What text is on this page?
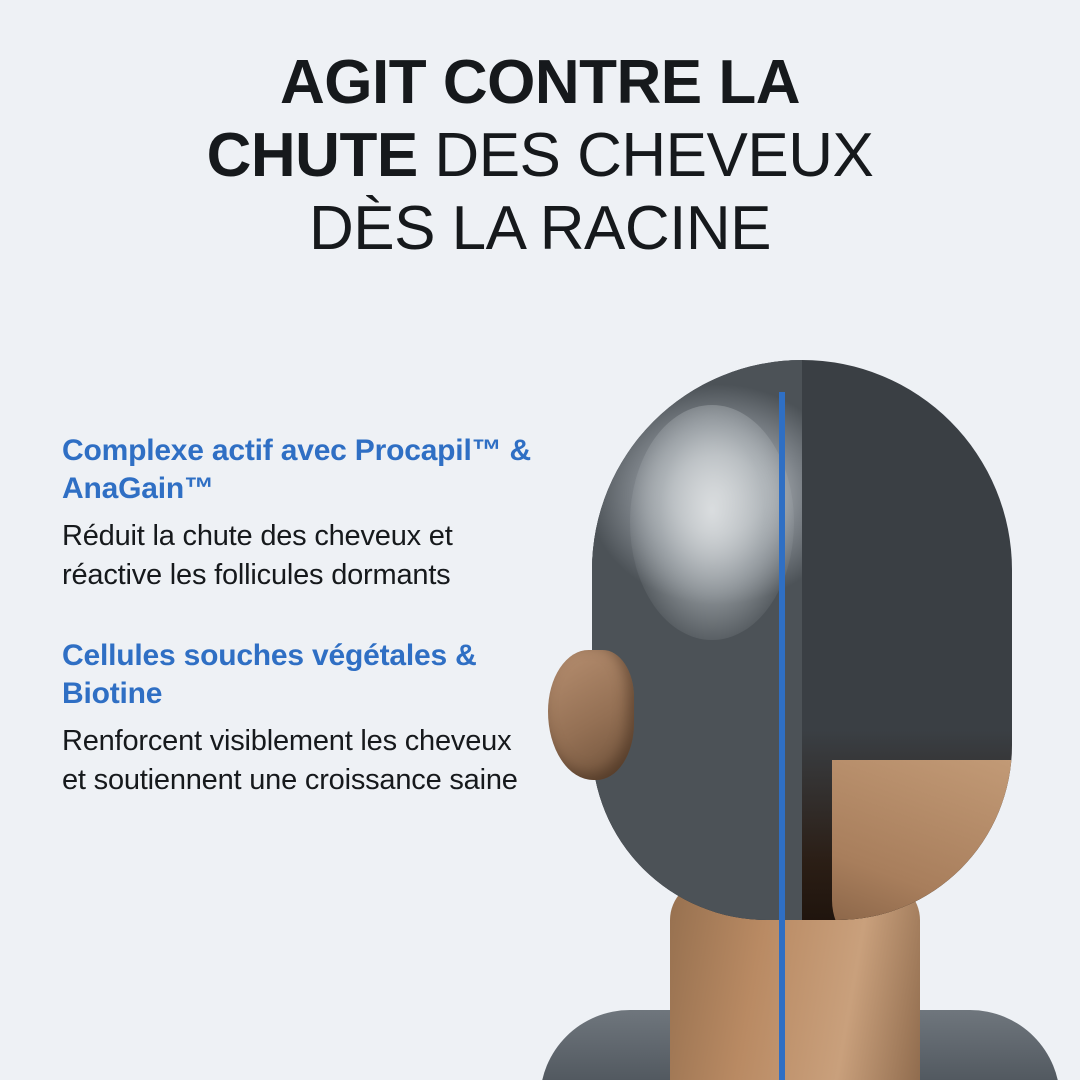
AGIT CONTRE LA
CHUTE DES CHEVEUX
DÈS LA RACINE
Complexe actif avec Procapil™ & AnaGain™
Réduit la chute des cheveux et réactive les follicules dormants
Cellules souches végétales & Biotine
Renforcent visiblement les cheveux et soutiennent une croissance saine
